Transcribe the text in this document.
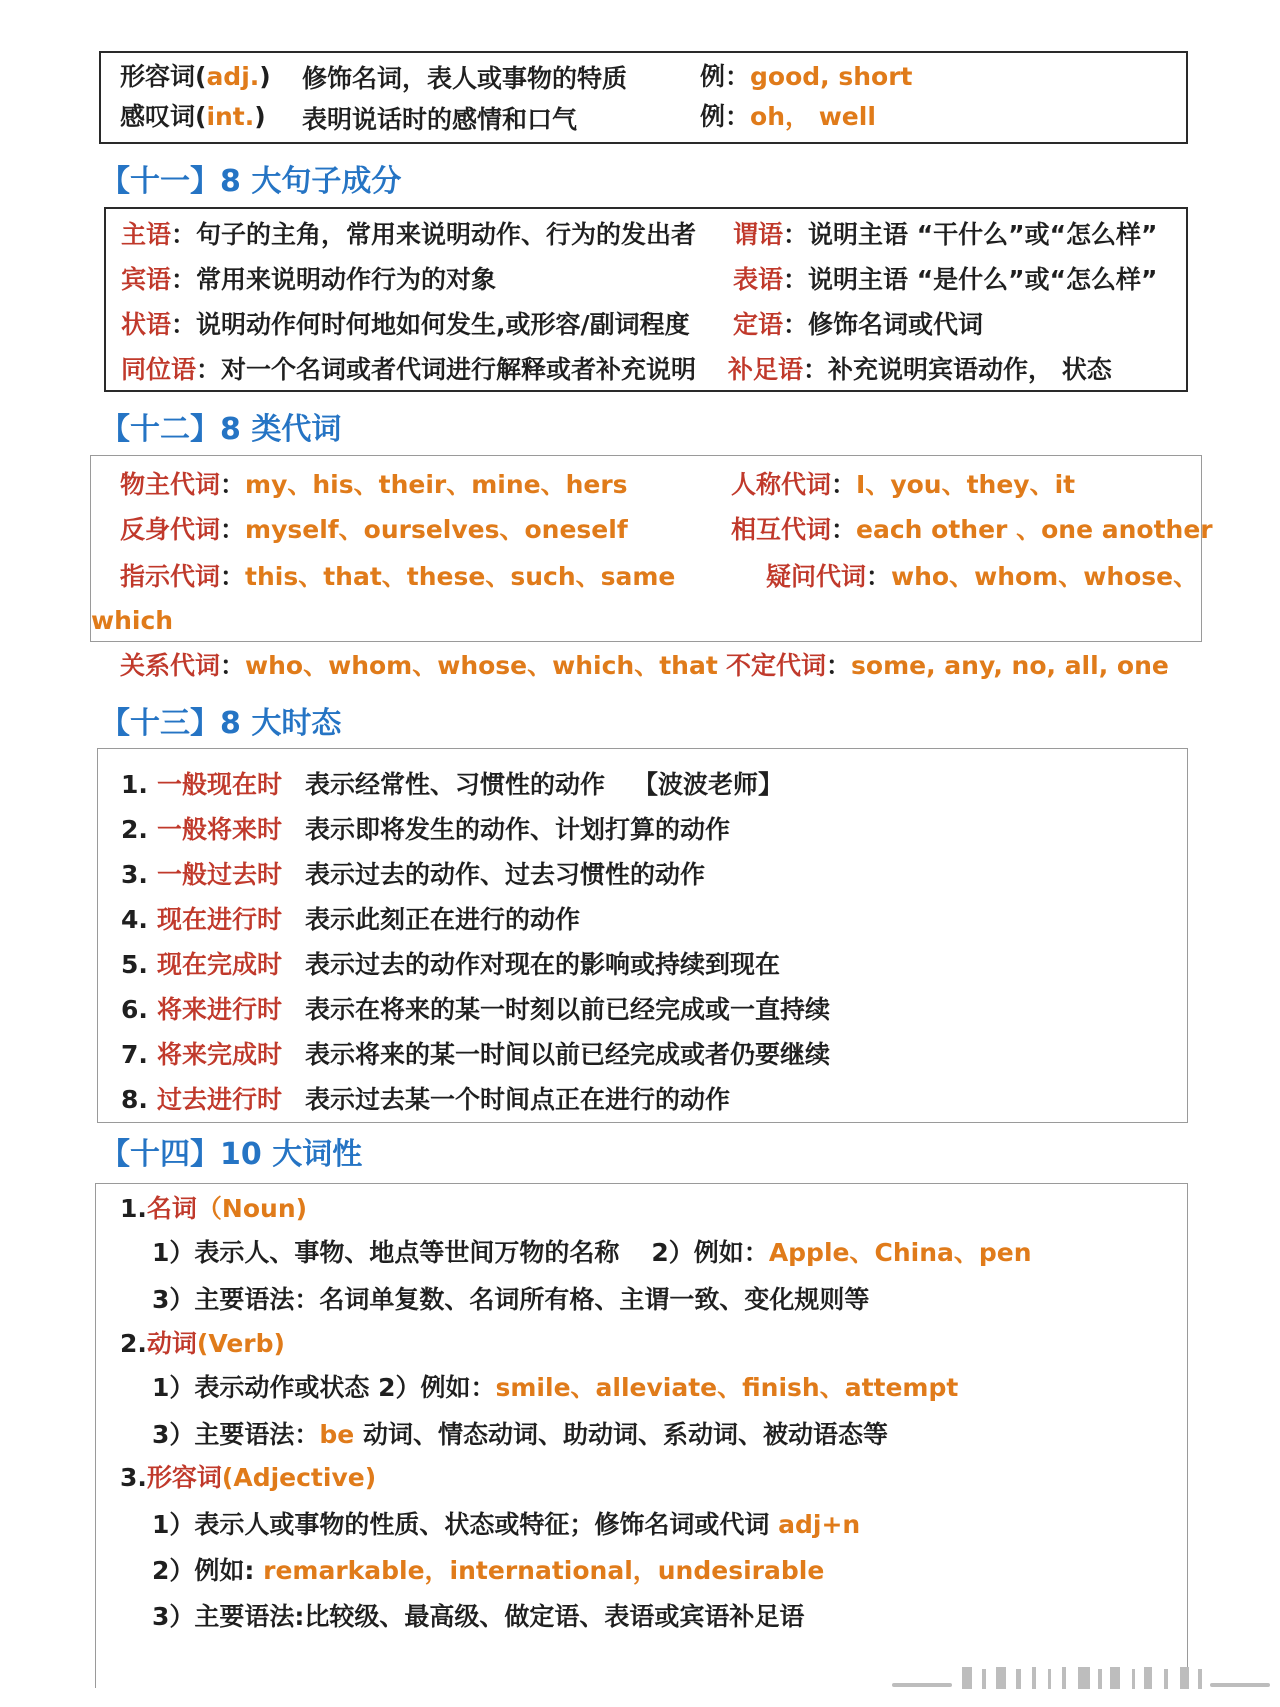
形容词(adj.) 修饰名词，表人或事物的特质	例：good, short
感叹词(int.) 表明说话时的感情和口气	例：oh， well
【十一】8 大句子成分
主语：句子的主角，常用来说明动作、行为的发出者 谓语：说明主语 “干什么”或“怎么样”
宾语：常用来说明动作行为的对象	表语：说明主语 “是什么”或“怎么样”
状语：说明动作何时何地如何发生,或形容/副词程度 定语：修饰名词或代词
同位语：对一个名词或者代词进行解释或者补充说明 补足语：补充说明宾语动作， 状态
【十二】8 类代词
物主代词：my、his、their、mine、hers	人称代词：I、you、they、it
反身代词：myself、ourselves、oneself	相互代词：each other 、one another
指示代词：this、that、these、such、same	疑问代词：who、whom、whose、
which
关系代词：who、whom、whose、which、that 不定代词：some, any, no, all, one
【十三】8 大时态
1. 一般现在时 表示经常性、习惯性的动作 【波波老师】
2. 一般将来时 表示即将发生的动作、计划打算的动作
3. 一般过去时 表示过去的动作、过去习惯性的动作
4. 现在进行时 表示此刻正在进行的动作
5. 现在完成时 表示过去的动作对现在的影响或持续到现在
6. 将来进行时 表示在将来的某一时刻以前已经完成或一直持续
7. 将来完成时 表示将来的某一时间以前已经完成或者仍要继续
8. 过去进行时 表示过去某一个时间点正在进行的动作
【十四】10 大词性
1.名词（Noun)
1）表示人、事物、地点等世间万物的名称 2）例如：Apple、China、pen
3）主要语法：名词单复数、名词所有格、主谓一致、变化规则等
2.动词(Verb)
1）表示动作或状态 2）例如：smile、alleviate、finish、attempt
3）主要语法：be 动词、情态动词、助动词、系动词、被动语态等
3.形容词(Adjective)
1）表示人或事物的性质、状态或特征；修饰名词或代词 adj+n
2）例如: remarkable，international，undesirable
3）主要语法:比较级、最高级、做定语、表语或宾语补足语
